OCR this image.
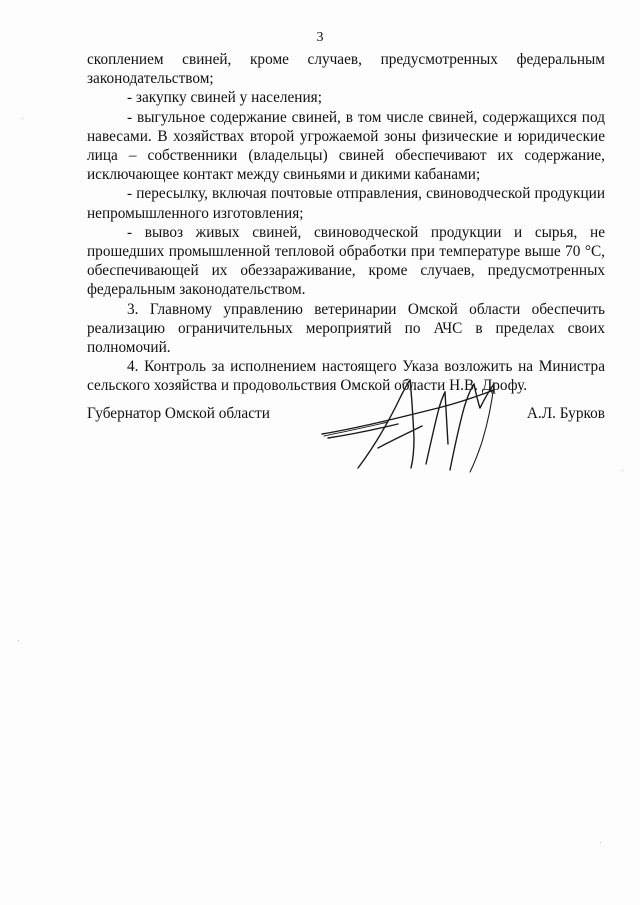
3

скоплением свиней, кроме случаев, предусмотренных федеральным законодательством;

- закупку свиней у населения;

- выгульное содержание свиней, в том числе свиней, содержащихся под навесами. В хозяйствах второй угрожаемой зоны физические и юридические лица – собственники (владельцы) свиней обеспечивают их содержание, исключающее контакт между свиньями и дикими кабанами;

- пересылку, включая почтовые отправления, свиноводческой продукции непромышленного изготовления;

- вывоз живых свиней, свиноводческой продукции и сырья, не прошедших промышленной тепловой обработки при температуре выше 70 °С, обеспечивающей их обеззараживание, кроме случаев, предусмотренных федеральным законодательством.

3. Главному управлению ветеринарии Омской области обеспечить реализацию ограничительных мероприятий по АЧС в пределах своих полномочий.

4. Контроль за исполнением настоящего Указа возложить на Министра сельского хозяйства и продовольствия Омской области Н.В. Дрофу.

Губернатор Омской области	А.Л. Бурков
